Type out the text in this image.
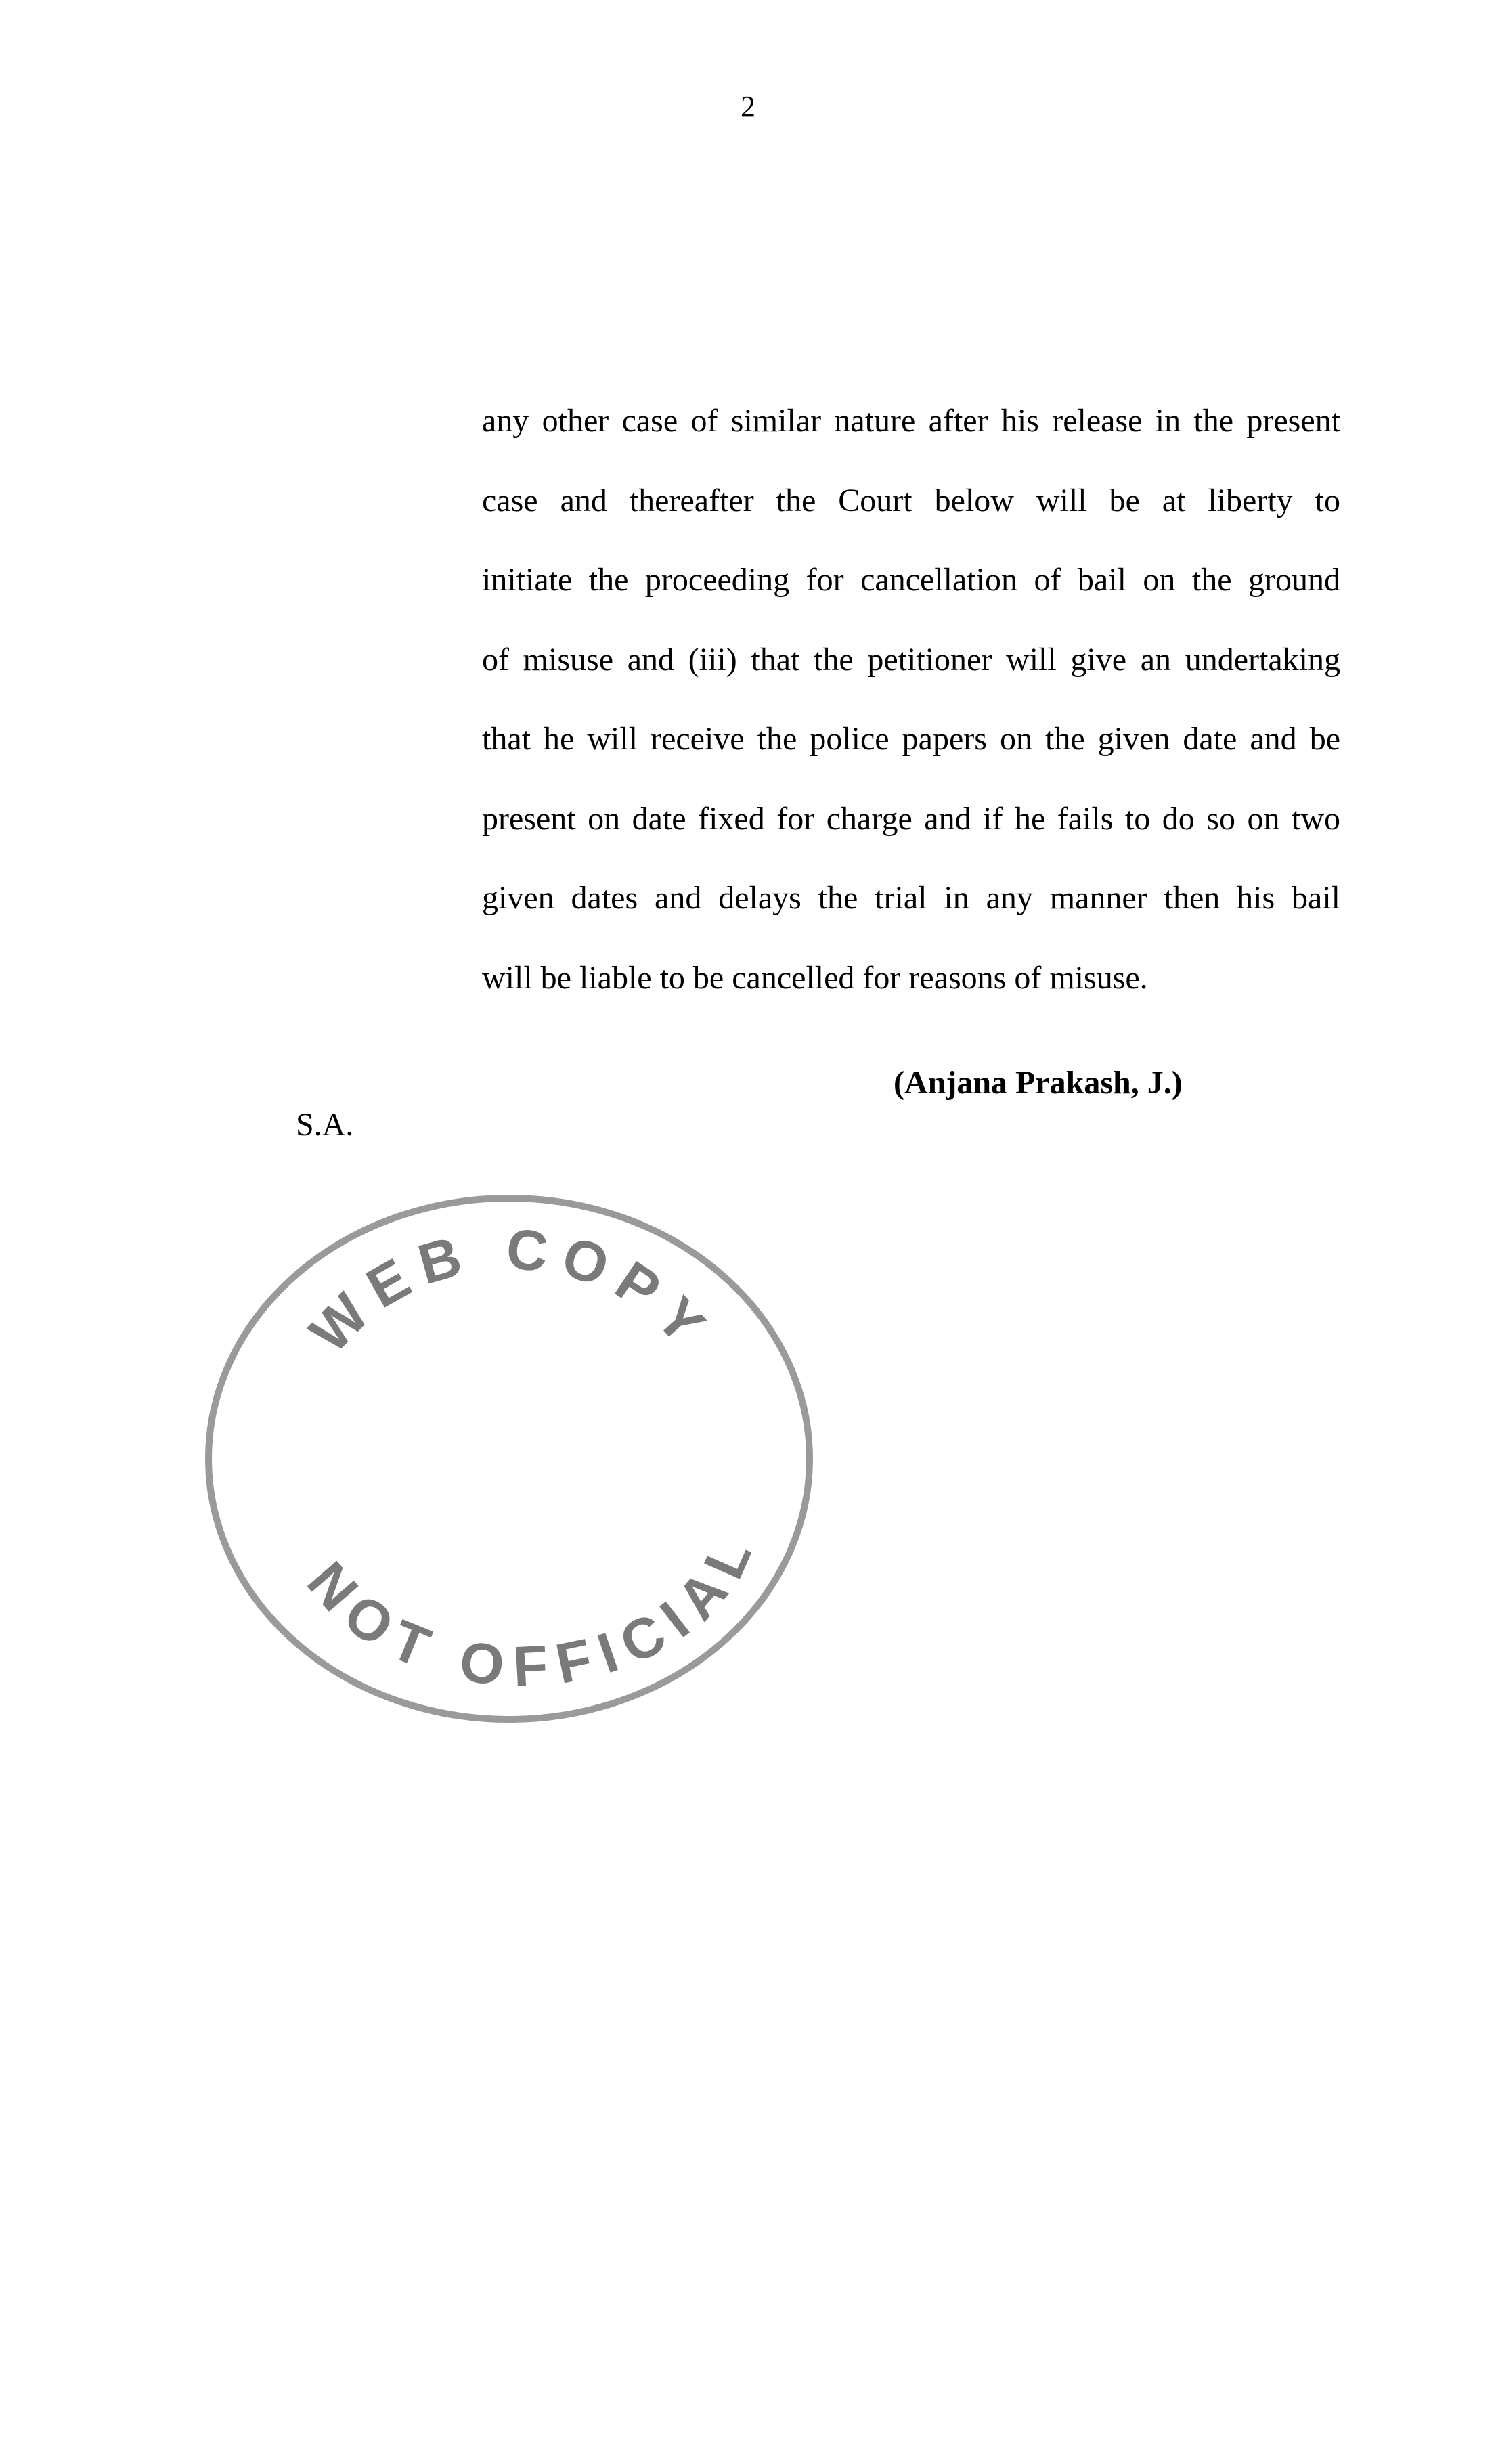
2
any other case of similar nature after his release in the present
case and thereafter the Court below will be at liberty to
initiate the proceeding for cancellation of bail on the ground
of misuse and (iii) that the petitioner will give an undertaking
that he will receive the police papers on the given date and be
present on date fixed for charge and if he fails to do so on two
given dates and delays the trial in any manner then his bail
will be liable to be cancelled for reasons of misuse.
(Anjana Prakash, J.)
S.A.
WEB COPY
NOT OFFICIAL
